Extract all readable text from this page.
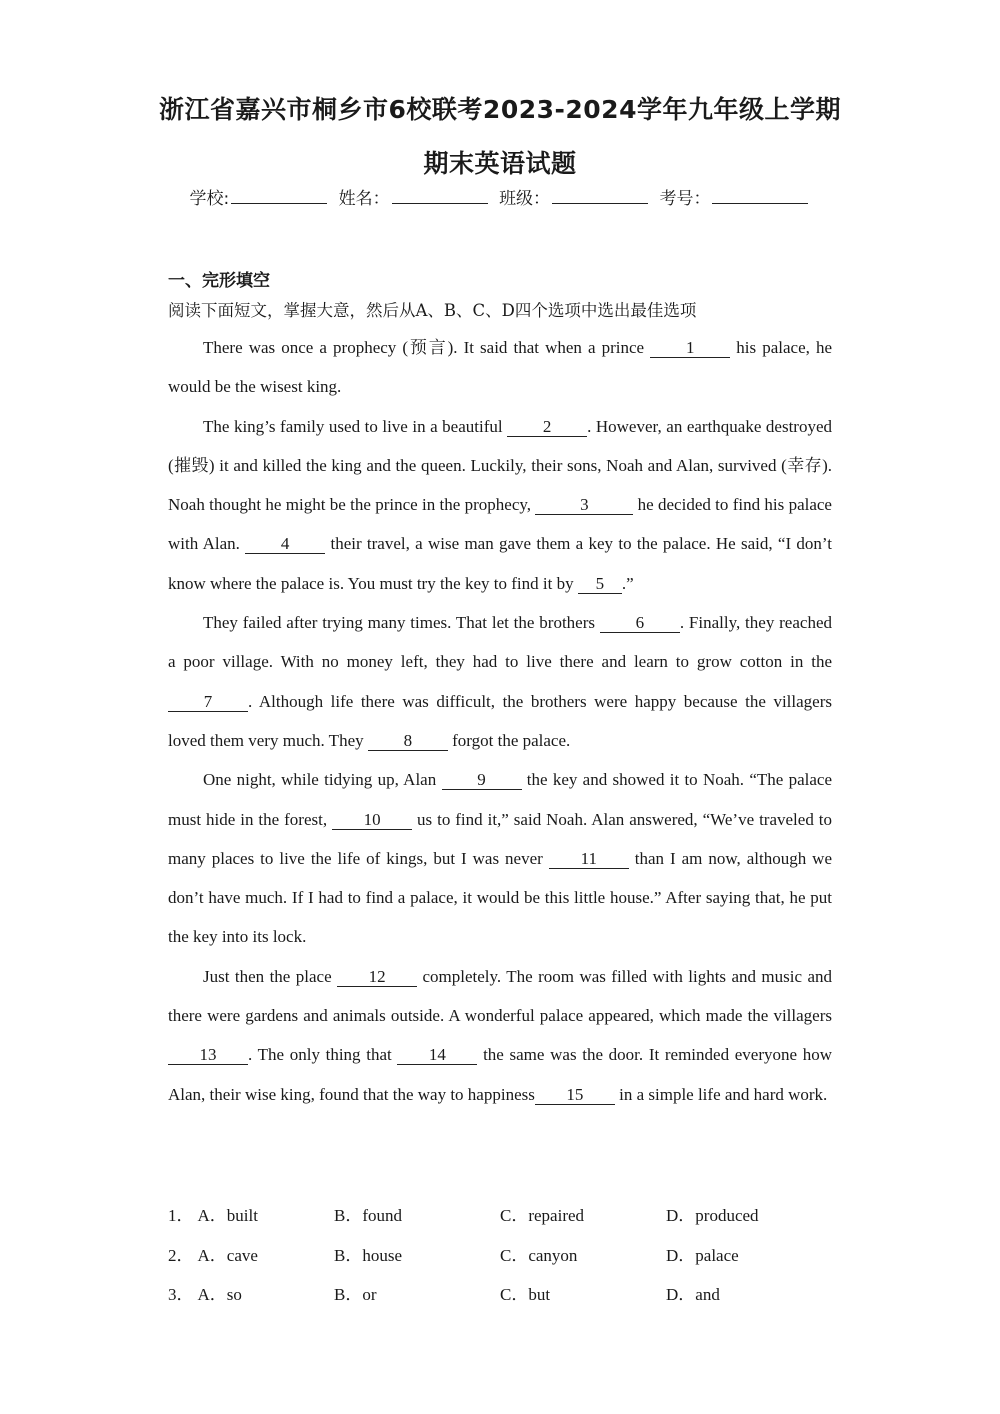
浙江省嘉兴市桐乡市6校联考2023-2024学年九年级上学期
期末英语试题
学校:	姓名：	班级：	考号：
一、完形填空
阅读下面短文，掌握大意，然后从A、B、C、D四个选项中选出最佳选项

There was once a prophecy (预言). It said that when a prince 1 his palace, he would be the wisest king.

The king’s family used to live in a beautiful 2 . However, an earthquake destroyed (摧毁) it and killed the king and the queen. Luckily, their sons, Noah and Alan, survived (幸存). Noah thought he might be the prince in the prophecy,	3	he decided to find his palace with Alan. 4 their travel, a wise man gave them a key to the palace. He said, “I don’t know where the palace is. You must try the key to find it by 5 .”

They failed after trying many times. That let the brothers 6 . Finally, they reached a poor village. With no money left, they had to live there and learn to grow cotton in the 7 . Although life there was difficult, the brothers were happy because the villagers loved them very much. They 8 forgot the palace.

One night, while tidying up, Alan 9 the key and showed it to Noah. “The palace must hide in the forest, 10 us to find it,” said Noah. Alan answered, “We’ve traveled to many places to live the life of kings, but I was never 11 than I am now, although we don’t have much. If I had to find a palace, it would be this little house.” After saying that, he put the key into its lock.

Just then the place 12 completely. The room was filled with lights and music and there were gardens and animals outside. A wonderful palace appeared, which made the villagers 13 . The only thing that 14 the same was the door. It reminded everyone how Alan, their wise king, found that the way to happiness 15 in a simple life and hard work.

1． A．built	B．found	C．repaired	D．produced
2． A．cave	B．house	C．canyon	D．palace
3． A．so	B．or	C．but	D．and
